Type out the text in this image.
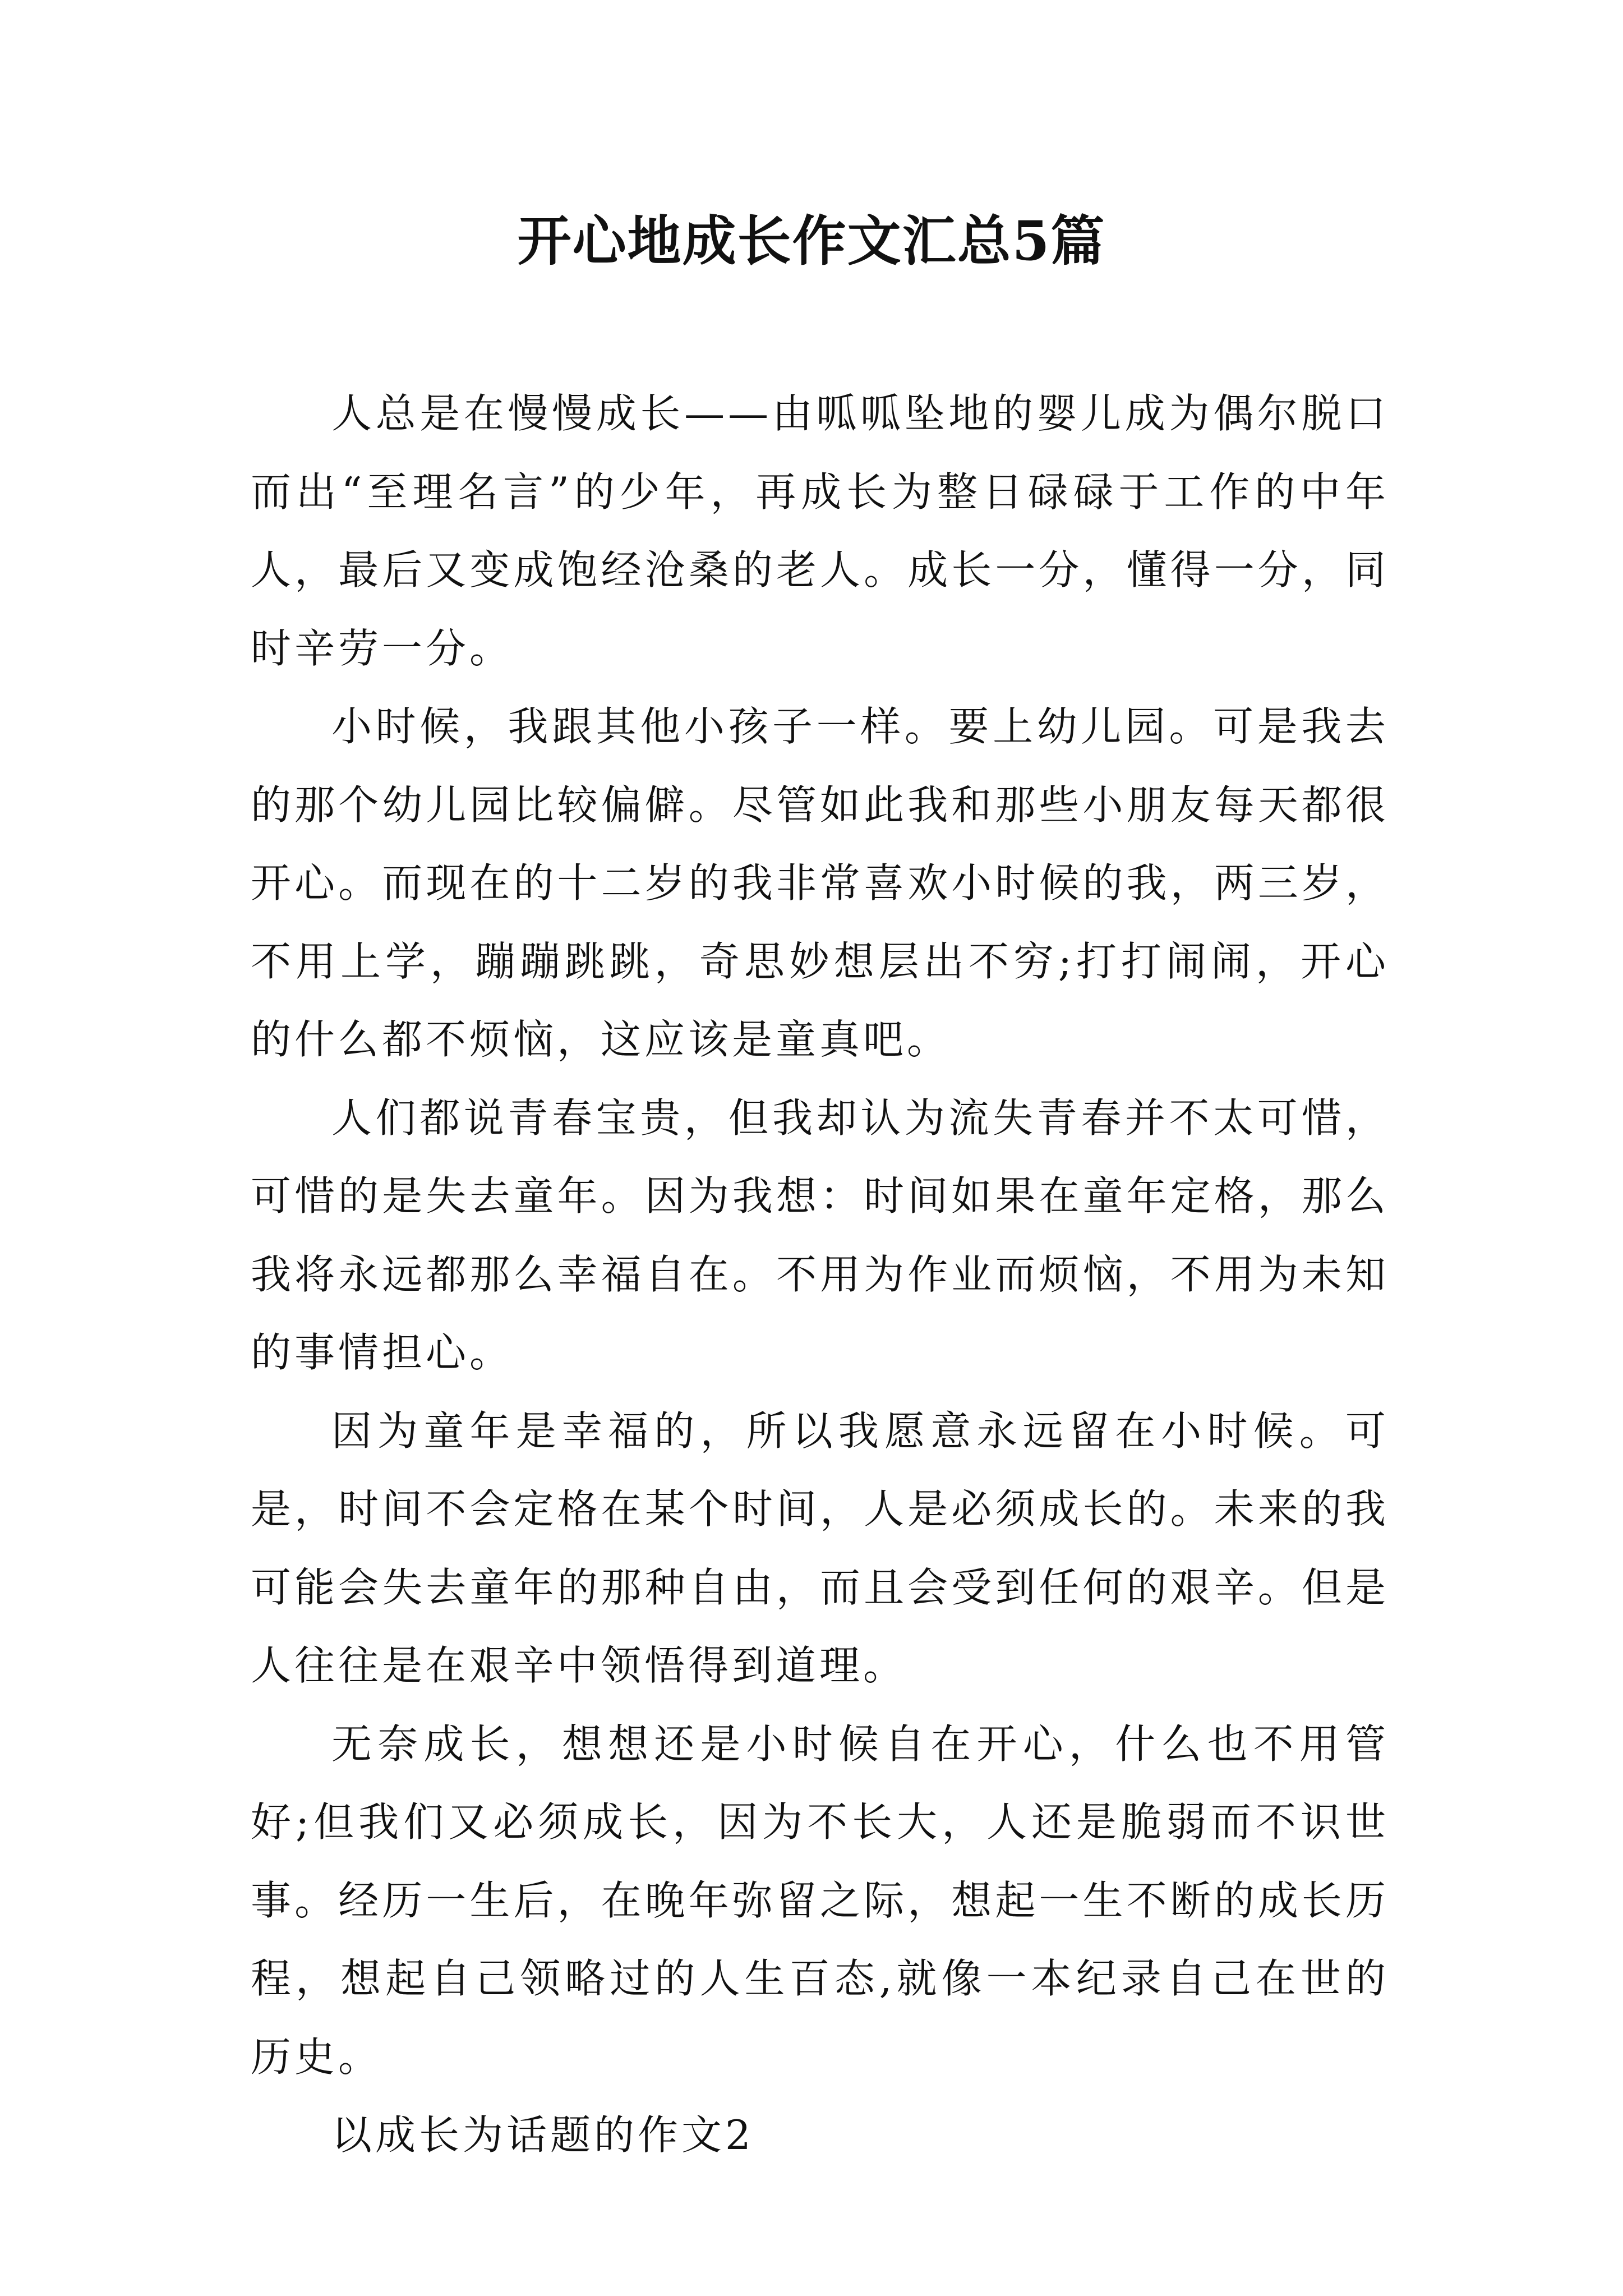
开心地成长作文汇总5篇

人总是在慢慢成长——由呱呱坠地的婴儿成为偶尔脱口而出“至理名言”的少年，再成长为整日碌碌于工作的中年人，最后又变成饱经沧桑的老人。成长一分，懂得一分，同时辛劳一分。

小时候，我跟其他小孩子一样。要上幼儿园。可是我去的那个幼儿园比较偏僻。尽管如此我和那些小朋友每天都很开心。而现在的十二岁的我非常喜欢小时候的我，两三岁，不用上学，蹦蹦跳跳，奇思妙想层出不穷;打打闹闹，开心的什么都不烦恼，这应该是童真吧。

人们都说青春宝贵，但我却认为流失青春并不太可惜，可惜的是失去童年。因为我想：时间如果在童年定格，那么我将永远都那么幸福自在。不用为作业而烦恼，不用为未知的事情担心。

因为童年是幸福的，所以我愿意永远留在小时候。可是，时间不会定格在某个时间，人是必须成长的。未来的我可能会失去童年的那种自由，而且会受到任何的艰辛。但是人往往是在艰辛中领悟得到道理。

无奈成长，想想还是小时候自在开心，什么也不用管好;但我们又必须成长，因为不长大，人还是脆弱而不识世事。经历一生后，在晚年弥留之际，想起一生不断的成长历程，想起自己领略过的人生百态,就像一本纪录自己在世的历史。

以成长为话题的作文2
